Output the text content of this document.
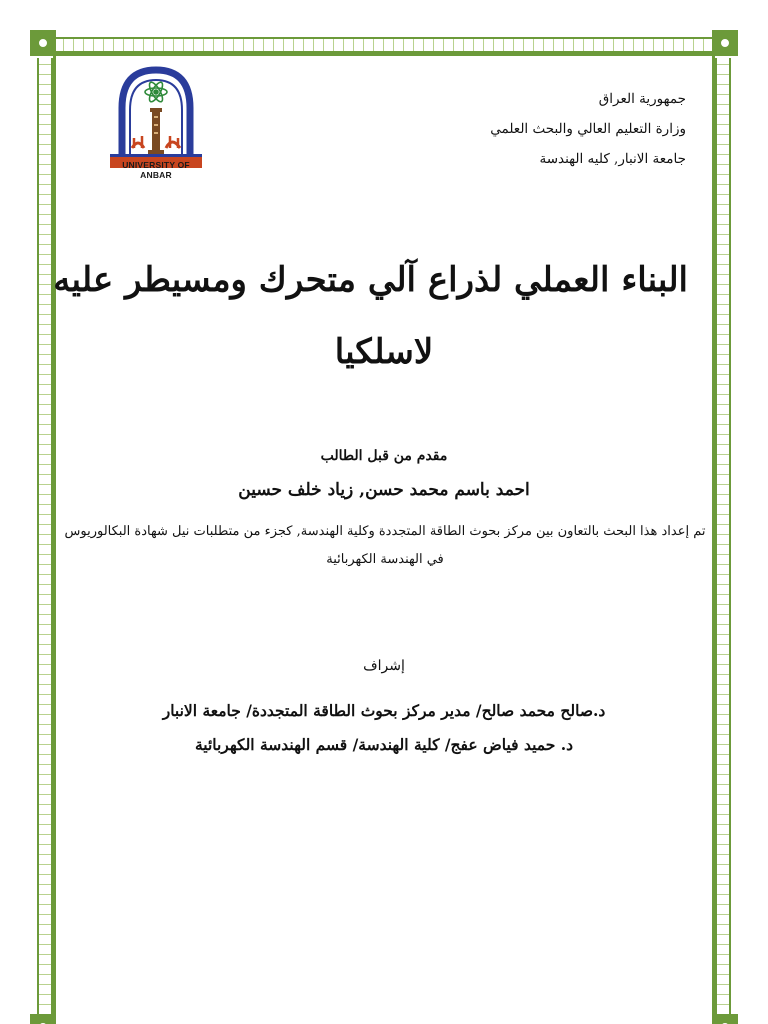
UNIVERSITY OF ANBAR
جمهورية العراق
وزارة التعليم العالي والبحث العلمي
جامعة الانبار, كليه الهندسة
البناء العملي لذراع آلي متحرك ومسيطر عليه
لاسلكيا
مقدم من قبل الطالب
احمد باسم محمد حسن, زياد خلف حسين
تم إعداد هذا البحث بالتعاون بين مركز بحوث الطاقة المتجددة وكلية الهندسة, كجزء من متطلبات نيل شهادة البكالوريوس
في الهندسة الكهربائية
إشراف
د.صالح محمد صالح/ مدير مركز بحوث الطاقة المتجددة/ جامعة الانبار
د. حميد فياض عفج/ كلية الهندسة/ قسم الهندسة الكهربائية
